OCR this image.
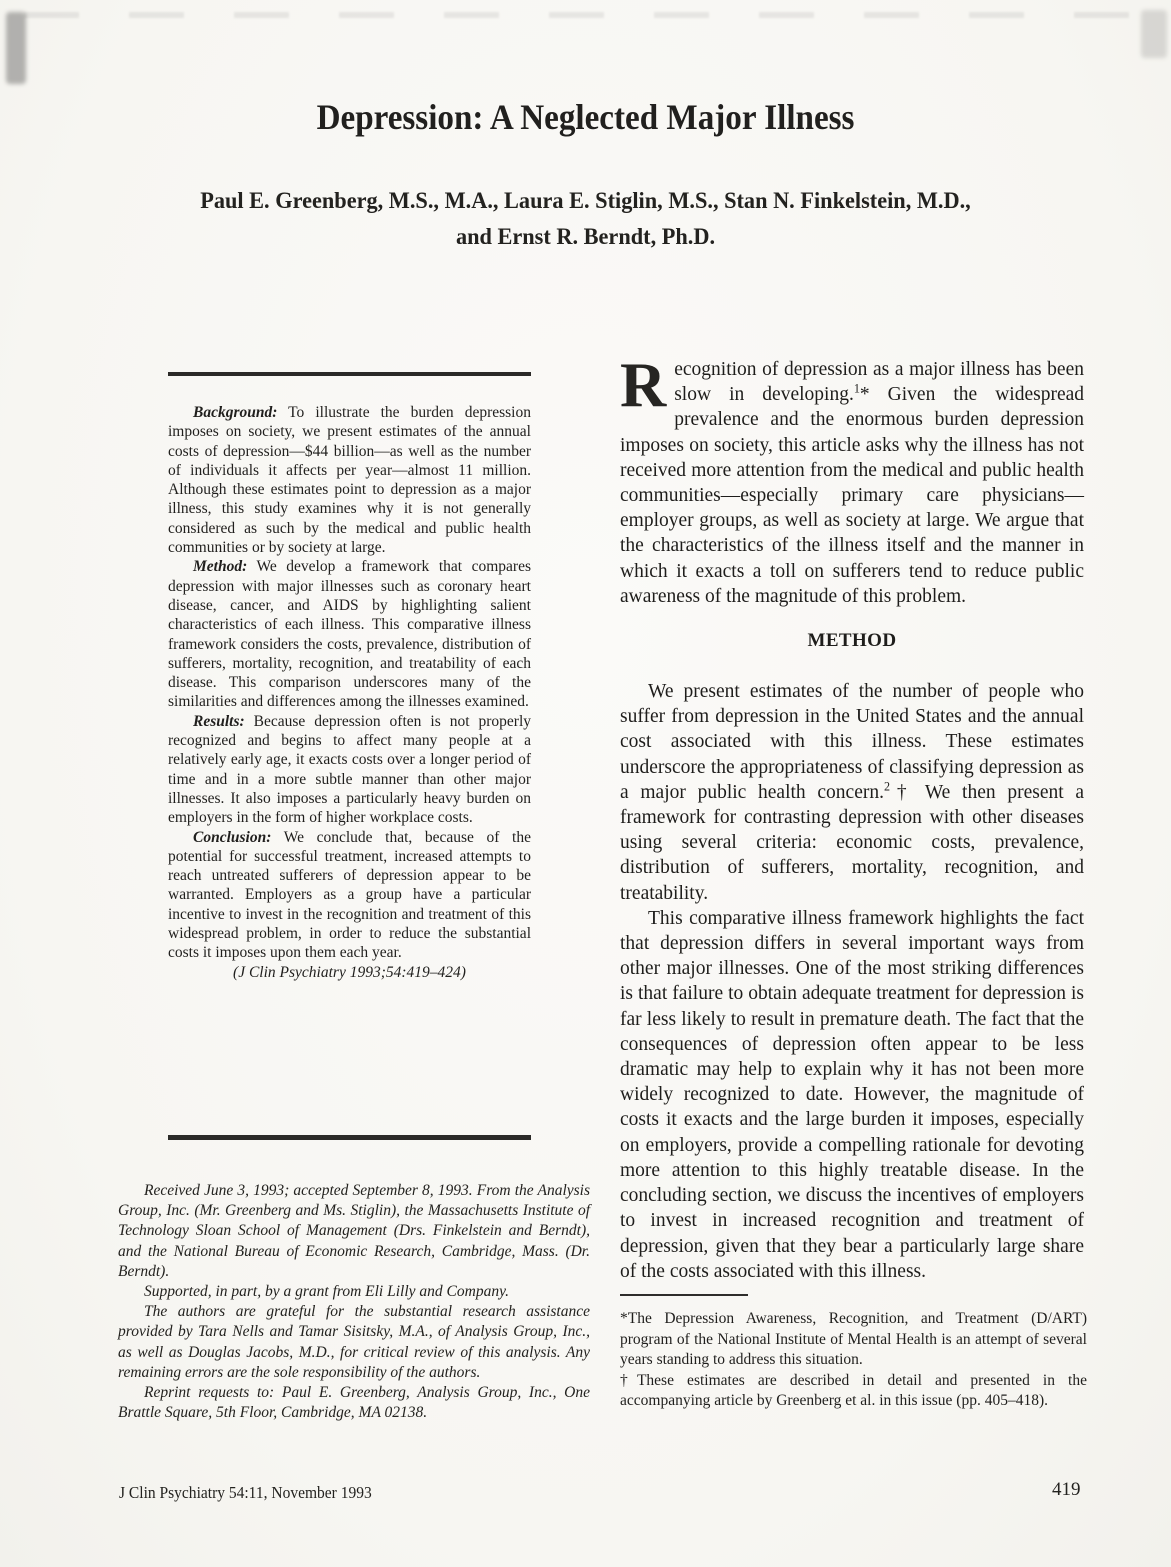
Depression: A Neglected Major Illness
Paul E. Greenberg, M.S., M.A., Laura E. Stiglin, M.S., Stan N. Finkelstein, M.D.,
and Ernst R. Berndt, Ph.D.

Background: To illustrate the burden depression imposes on society, we present estimates of the annual costs of depression—$44 billion—as well as the number of individuals it affects per year—almost 11 million. Although these estimates point to depression as a major illness, this study examines why it is not generally considered as such by the medical and public health communities or by society at large.

Method: We develop a framework that compares depression with major illnesses such as coronary heart disease, cancer, and AIDS by highlighting salient characteristics of each illness. This comparative illness framework considers the costs, prevalence, distribution of sufferers, mortality, recognition, and treatability of each disease. This comparison underscores many of the similarities and differences among the illnesses examined.

Results: Because depression often is not properly recognized and begins to affect many people at a relatively early age, it exacts costs over a longer period of time and in a more subtle manner than other major illnesses. It also imposes a particularly heavy burden on employers in the form of higher workplace costs.

Conclusion: We conclude that, because of the potential for successful treatment, increased attempts to reach untreated sufferers of depression appear to be warranted. Employers as a group have a particular incentive to invest in the recognition and treatment of this widespread problem, in order to reduce the substantial costs it imposes upon them each year.

(J Clin Psychiatry 1993;54:419–424)

Received June 3, 1993; accepted September 8, 1993. From the Analysis Group, Inc. (Mr. Greenberg and Ms. Stiglin), the Massachusetts Institute of Technology Sloan School of Management (Drs. Finkelstein and Berndt), and the National Bureau of Economic Research, Cambridge, Mass. (Dr. Berndt).

Supported, in part, by a grant from Eli Lilly and Company.

The authors are grateful for the substantial research assistance provided by Tara Nells and Tamar Sisitsky, M.A., of Analysis Group, Inc., as well as Douglas Jacobs, M.D., for critical review of this analysis. Any remaining errors are the sole responsibility of the authors.

Reprint requests to: Paul E. Greenberg, Analysis Group, Inc., One Brattle Square, 5th Floor, Cambridge, MA 02138.

Recognition of depression as a major illness has been slow in developing.$^1$* Given the widespread prevalence and the enormous burden depression imposes on society, this article asks why the illness has not received more attention from the medical and public health communities—especially primary care physicians—employer groups, as well as society at large. We argue that the characteristics of the illness itself and the manner in which it exacts a toll on sufferers tend to reduce public awareness of the magnitude of this problem.

METHOD

We present estimates of the number of people who suffer from depression in the United States and the annual cost associated with this illness. These estimates underscore the appropriateness of classifying depression as a major public health concern.$^2$† We then present a framework for contrasting depression with other diseases using several criteria: economic costs, prevalence, distribution of sufferers, mortality, recognition, and treatability.

This comparative illness framework highlights the fact that depression differs in several important ways from other major illnesses. One of the most striking differences is that failure to obtain adequate treatment for depression is far less likely to result in premature death. The fact that the consequences of depression often appear to be less dramatic may help to explain why it has not been more widely recognized to date. However, the magnitude of costs it exacts and the large burden it imposes, especially on employers, provide a compelling rationale for devoting more attention to this highly treatable disease. In the concluding section, we discuss the incentives of employers to invest in increased recognition and treatment of depression, given that they bear a particularly large share of the costs associated with this illness.

*The Depression Awareness, Recognition, and Treatment (D/ART) program of the National Institute of Mental Health is an attempt of several years standing to address this situation.

†These estimates are described in detail and presented in the accompanying article by Greenberg et al. in this issue (pp. 405–418).

J Clin Psychiatry 54:11, November 1993	419
